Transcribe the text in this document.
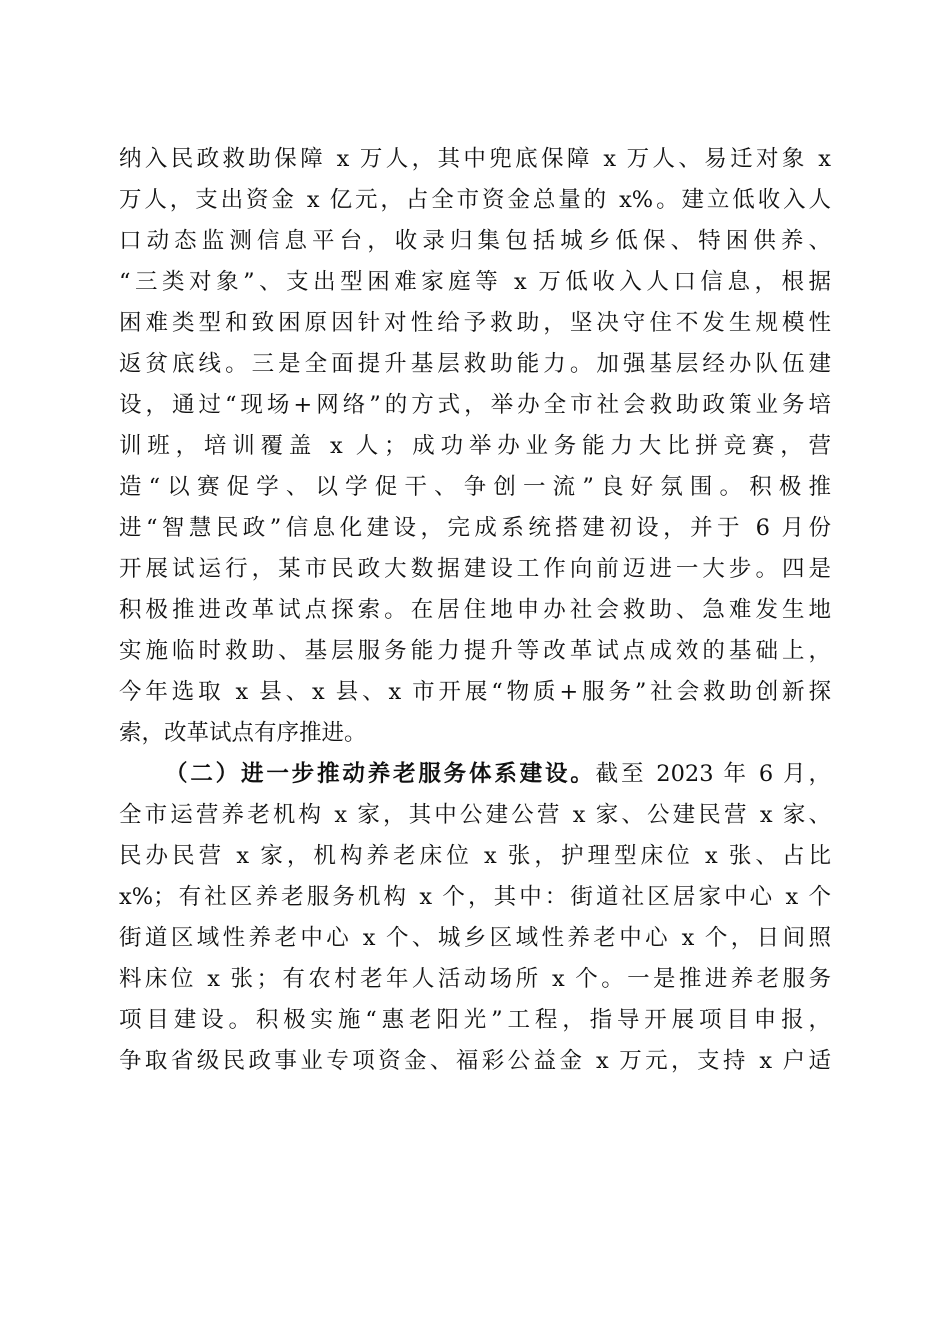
纳入民政救助保障 x 万人，其中兜底保障 x 万人、易迁对象 x
万人，支出资金 x 亿元，占全市资金总量的 x%。建立低收入人
口动态监测信息平台，收录归集包括城乡低保、特困供养、
“三类对象”、支出型困难家庭等 x 万低收入人口信息，根据
困难类型和致困原因针对性给予救助，坚决守住不发生规模性
返贫底线。三是全面提升基层救助能力。加强基层经办队伍建
设，通过“现场+网络”的方式，举办全市社会救助政策业务培
训班，培训覆盖 x 人；成功举办业务能力大比拼竞赛，营
造“以赛促学、以学促干、争创一流”良好氛围。积极推
进“智慧民政”信息化建设，完成系统搭建初设，并于 6 月份
开展试运行，某市民政大数据建设工作向前迈进一大步。四是
积极推进改革试点探索。在居住地申办社会救助、急难发生地
实施临时救助、基层服务能力提升等改革试点成效的基础上，
今年选取 x 县、x 县、x 市开展“物质+服务”社会救助创新探
索，改革试点有序推进。
（二）进一步推动养老服务体系建设。截至 2023 年 6 月，
全市运营养老机构 x 家，其中公建公营 x 家、公建民营 x 家、
民办民营 x 家，机构养老床位 x 张，护理型床位 x 张、占比
x%；有社区养老服务机构 x 个，其中：街道社区居家中心 x 个
街道区域性养老中心 x 个、城乡区域性养老中心 x 个，日间照
料床位 x 张；有农村老年人活动场所 x 个。一是推进养老服务
项目建设。积极实施“惠老阳光”工程，指导开展项目申报，
争取省级民政事业专项资金、福彩公益金 x 万元，支持 x 户适
